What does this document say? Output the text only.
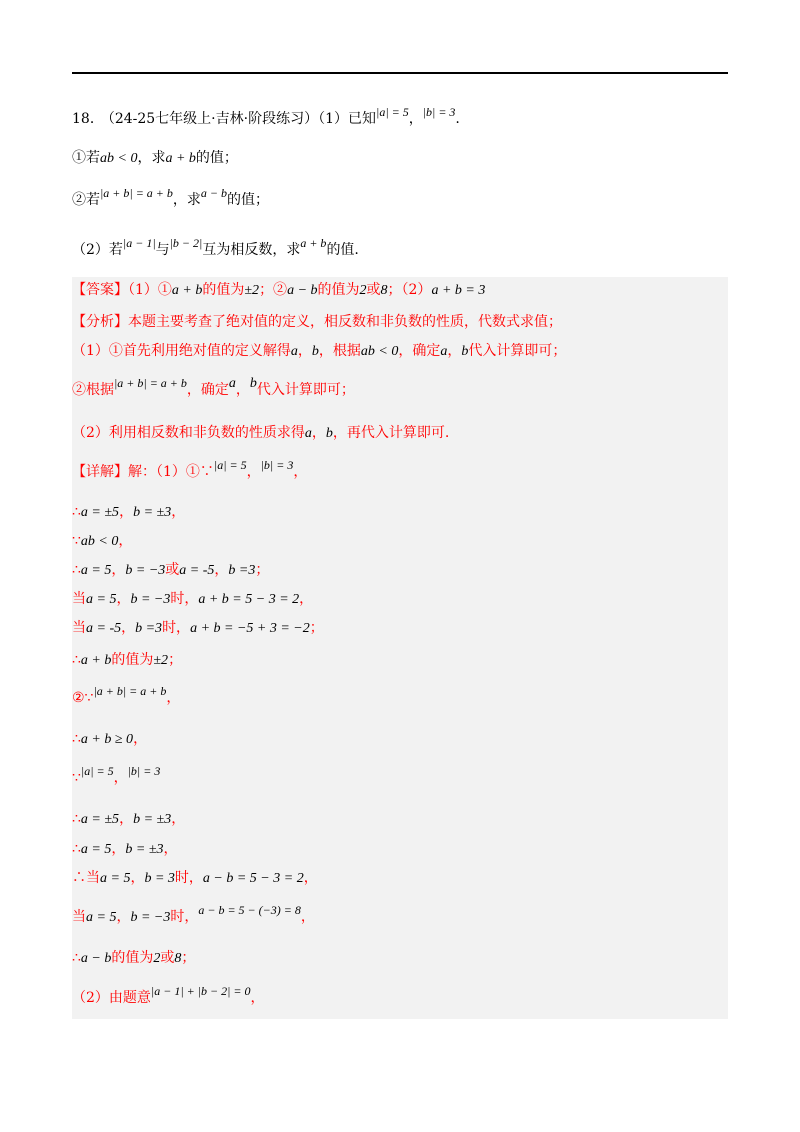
18． （24-25七年级上·吉林·阶段练习）（1）已知|a| = 5，|b| = 3.
①若ab < 0，求a + b的值；
②若|a + b| = a + b，求a − b的值；
（2）若|a − 1|与|b − 2|互为相反数，求a + b的值.
【答案】（1）①a + b的值为±2；②a − b的值为2或8；（2）a + b = 3
【分析】本题主要考查了绝对值的定义，相反数和非负数的性质，代数式求值；
（1）①首先利用绝对值的定义解得a，b，根据ab < 0，确定a，b代入计算即可；
②根据|a + b| = a + b，确定a，b代入计算即可；
（2）利用相反数和非负数的性质求得a，b，再代入计算即可.
【详解】解：（1）①∵|a| = 5，|b| = 3，
∴a = ±5，b = ±3，
∵ab < 0，
∴a = 5，b = −3或a = -5，b =3；
当a = 5，b = −3时，a + b = 5 − 3 = 2，
当a = -5，b =3时，a + b = −5 + 3 = −2；
∴a + b的值为±2；
②∵|a + b| = a + b，
∴a + b ≥ 0，
∵|a| = 5，|b| = 3
∴a = ±5，b = ±3，
∴a = 5，b = ±3，
∴当a = 5，b = 3时，a − b = 5 − 3 = 2，
当a = 5，b = −3时，a − b = 5 − (−3) = 8，
∴a − b的值为2或8；
（2）由题意|a − 1| + |b − 2| = 0，
